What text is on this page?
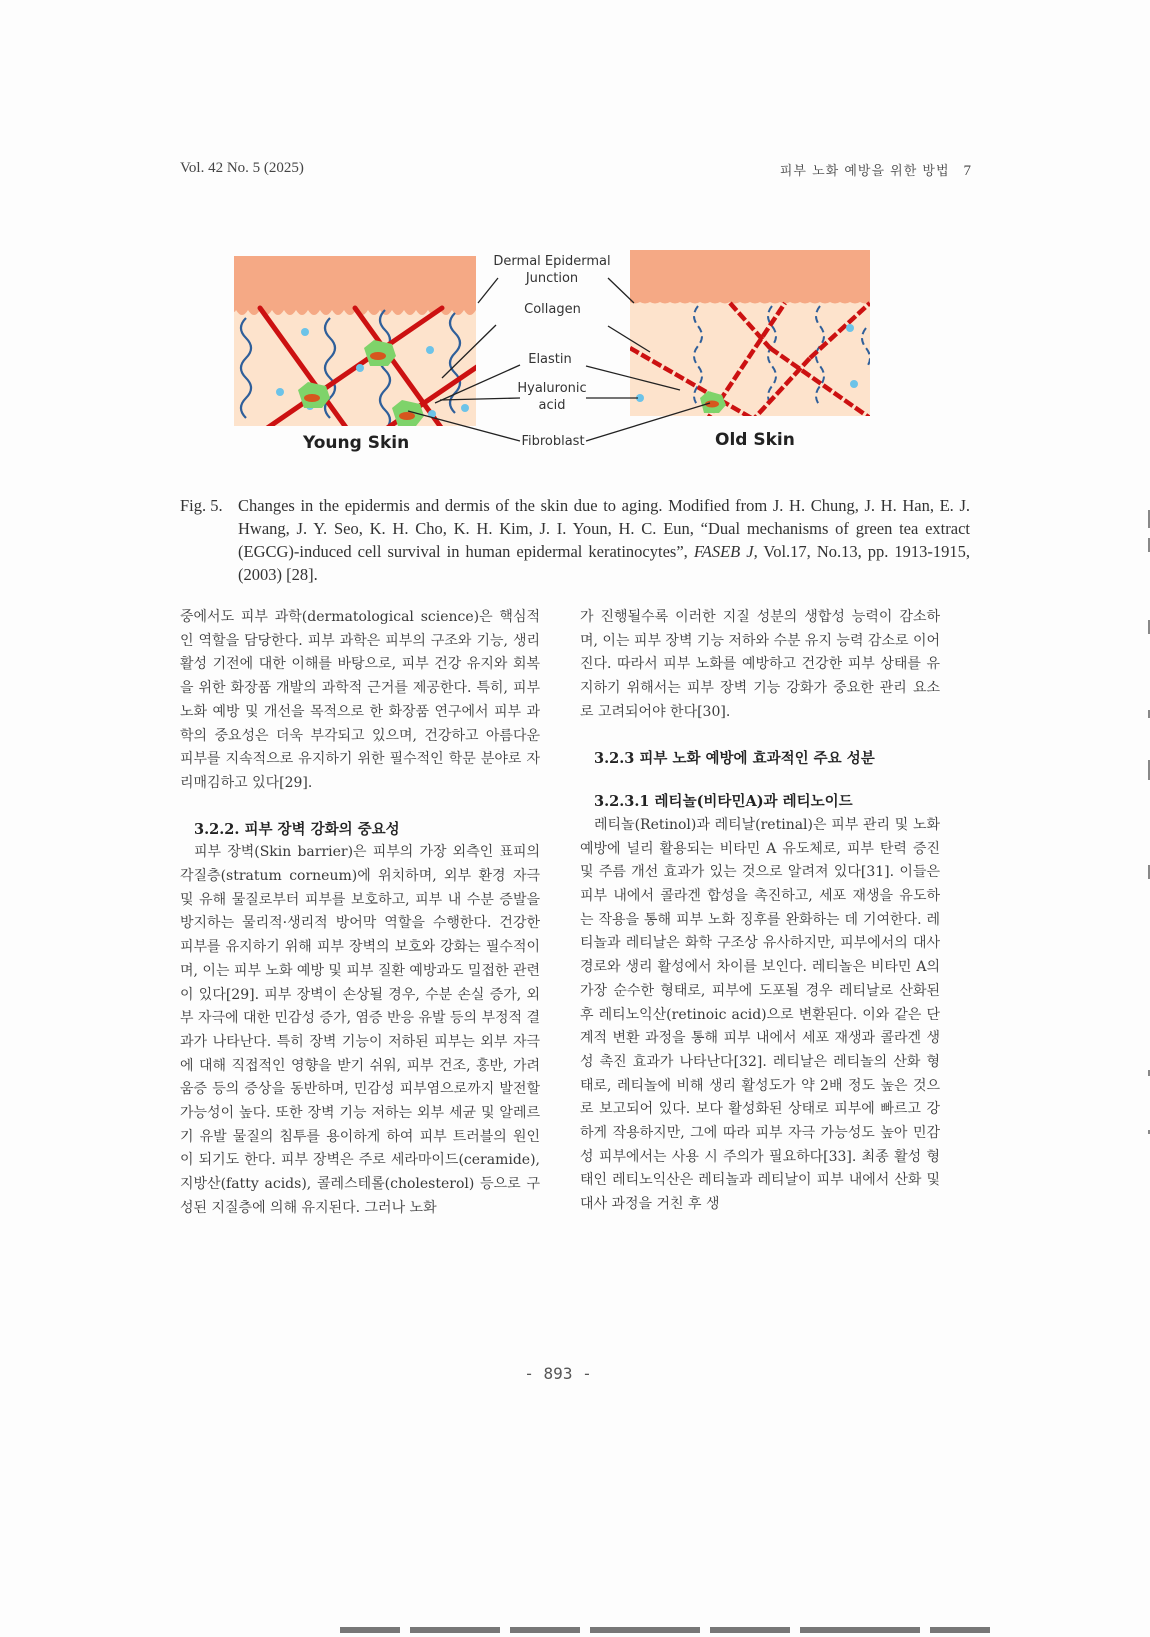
Vol. 42 No. 5 (2025)	피부 노화 예방을 위한 방법 7
Dermal Epidermal
Junction
Collagen
Elastin
Hyaluronic
acid
Fibroblast
Young Skin	Old Skin
Fig. 5. Changes in the epidermis and dermis of the skin due to aging. Modified from J. H. Chung, J. H. Han, E. J. Hwang, J. Y. Seo, K. H. Cho, K. H. Kim, J. I. Youn, H. C. Eun, “Dual mechanisms of green tea extract (EGCG)-induced cell survival in human epidermal keratinocytes”, FASEB J, Vol.17, No.13, pp. 1913-1915, (2003) [28].

중에서도 피부 과학(dermatological science)은 핵심적인 역할을 담당한다. 피부 과학은 피부의 구조와 기능, 생리 활성 기전에 대한 이해를 바탕으로, 피부 건강 유지와 회복을 위한 화장품 개발의 과학적 근거를 제공한다. 특히, 피부 노화 예방 및 개선을 목적으로 한 화장품 연구에서 피부 과학의 중요성은 더욱 부각되고 있으며, 건강하고 아름다운 피부를 지속적으로 유지하기 위한 필수적인 학문 분야로 자리매김하고 있다[29].

3.2.2. 피부 장벽 강화의 중요성

피부 장벽(Skin barrier)은 피부의 가장 외측인 표피의 각질층(stratum corneum)에 위치하며, 외부 환경 자극 및 유해 물질로부터 피부를 보호하고, 피부 내 수분 증발을 방지하는 물리적·생리적 방어막 역할을 수행한다. 건강한 피부를 유지하기 위해 피부 장벽의 보호와 강화는 필수적이며, 이는 피부 노화 예방 및 피부 질환 예방과도 밀접한 관련이 있다[29]. 피부 장벽이 손상될 경우, 수분 손실 증가, 외부 자극에 대한 민감성 증가, 염증 반응 유발 등의 부정적 결과가 나타난다. 특히 장벽 기능이 저하된 피부는 외부 자극에 대해 직접적인 영향을 받기 쉬워, 피부 건조, 홍반, 가려움증 등의 증상을 동반하며, 민감성 피부염으로까지 발전할 가능성이 높다. 또한 장벽 기능 저하는 외부 세균 및 알레르기 유발 물질의 침투를 용이하게 하여 피부 트러블의 원인이 되기도 한다. 피부 장벽은 주로 세라마이드(ceramide), 지방산(fatty acids), 콜레스테롤(cholesterol) 등으로 구성된 지질층에 의해 유지된다. 그러나 노화

가 진행될수록 이러한 지질 성분의 생합성 능력이 감소하며, 이는 피부 장벽 기능 저하와 수분 유지 능력 감소로 이어진다. 따라서 피부 노화를 예방하고 건강한 피부 상태를 유지하기 위해서는 피부 장벽 기능 강화가 중요한 관리 요소로 고려되어야 한다[30].

3.2.3 피부 노화 예방에 효과적인 주요 성분

3.2.3.1 레티놀(비타민A)과 레티노이드

레티놀(Retinol)과 레티날(retinal)은 피부 관리 및 노화 예방에 널리 활용되는 비타민 A 유도체로, 피부 탄력 증진 및 주름 개선 효과가 있는 것으로 알려져 있다[31]. 이들은 피부 내에서 콜라겐 합성을 촉진하고, 세포 재생을 유도하는 작용을 통해 피부 노화 징후를 완화하는 데 기여한다. 레티놀과 레티날은 화학 구조상 유사하지만, 피부에서의 대사 경로와 생리 활성에서 차이를 보인다. 레티놀은 비타민 A의 가장 순수한 형태로, 피부에 도포될 경우 레티날로 산화된 후 레티노익산(retinoic acid)으로 변환된다. 이와 같은 단계적 변환 과정을 통해 피부 내에서 세포 재생과 콜라겐 생성 촉진 효과가 나타난다[32]. 레티날은 레티놀의 산화 형태로, 레티놀에 비해 생리 활성도가 약 2배 정도 높은 것으로 보고되어 있다. 보다 활성화된 상태로 피부에 빠르고 강하게 작용하지만, 그에 따라 피부 자극 가능성도 높아 민감성 피부에서는 사용 시 주의가 필요하다[33]. 최종 활성 형태인 레티노익산은 레티놀과 레티날이 피부 내에서 산화 및 대사 과정을 거친 후 생

- 893 -
